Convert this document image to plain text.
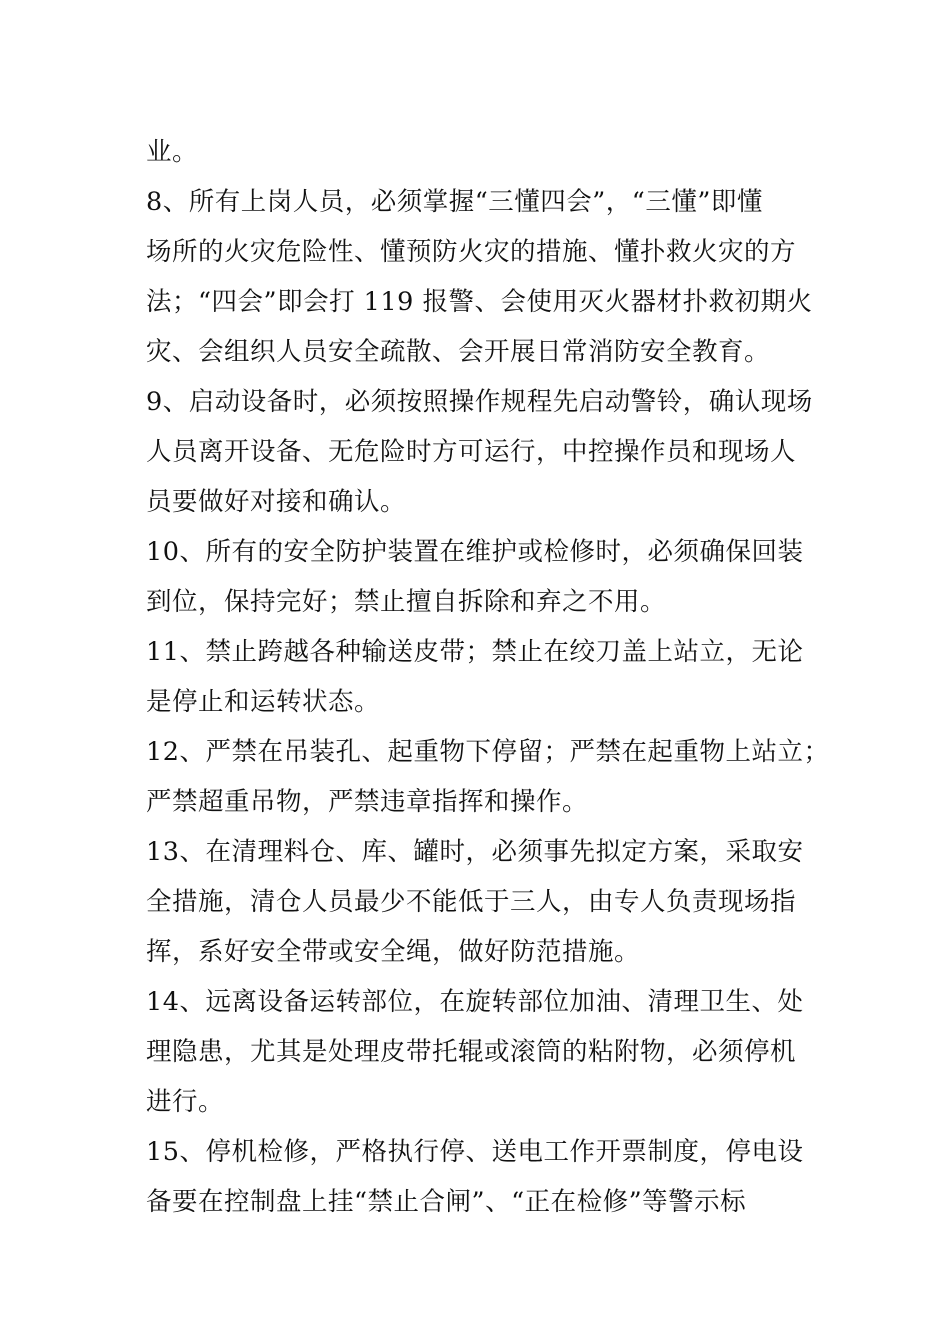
业。
8、所有上岗人员，必须掌握“三懂四会”，“三懂”即懂
场所的火灾危险性、懂预防火灾的措施、懂扑救火灾的方
法；“四会”即会打 119 报警、会使用灭火器材扑救初期火
灾、会组织人员安全疏散、会开展日常消防安全教育。
9、启动设备时，必须按照操作规程先启动警铃，确认现场
人员离开设备、无危险时方可运行，中控操作员和现场人
员要做好对接和确认。
10、所有的安全防护装置在维护或检修时，必须确保回装
到位，保持完好；禁止擅自拆除和弃之不用。
11、禁止跨越各种输送皮带；禁止在绞刀盖上站立，无论
是停止和运转状态。
12、严禁在吊装孔、起重物下停留；严禁在起重物上站立；
严禁超重吊物，严禁违章指挥和操作。
13、在清理料仓、库、罐时，必须事先拟定方案，采取安
全措施，清仓人员最少不能低于三人，由专人负责现场指
挥，系好安全带或安全绳，做好防范措施。
14、远离设备运转部位，在旋转部位加油、清理卫生、处
理隐患，尤其是处理皮带托辊或滚筒的粘附物，必须停机
进行。
15、停机检修，严格执行停、送电工作开票制度，停电设
备要在控制盘上挂“禁止合闸”、“正在检修”等警示标
